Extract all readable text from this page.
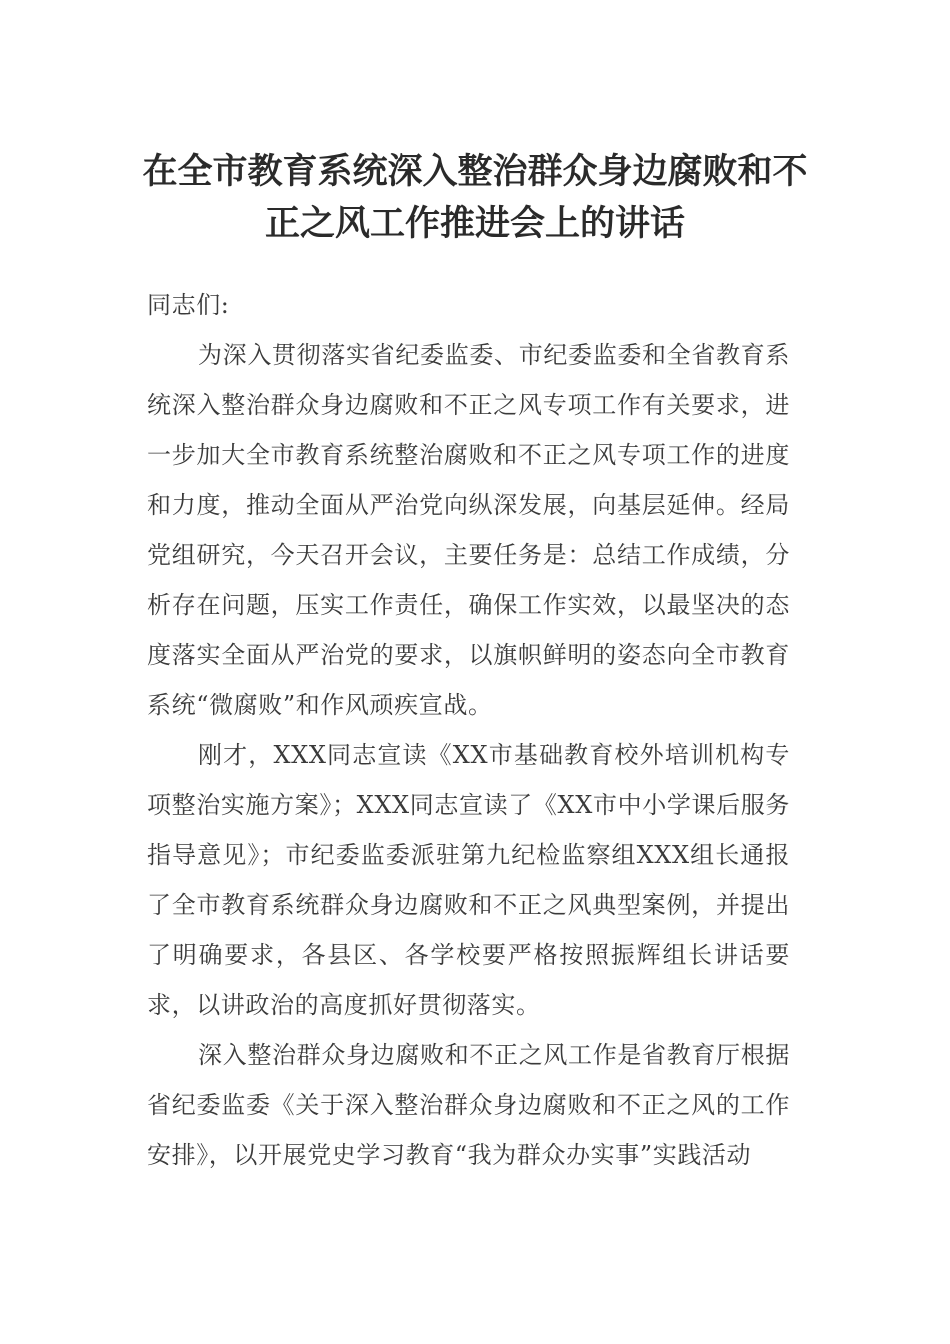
在全市教育系统深入整治群众身边腐败和不正之风工作推进会上的讲话

同志们:

为深入贯彻落实省纪委监委、市纪委监委和全省教育系统深入整治群众身边腐败和不正之风专项工作有关要求，进一步加大全市教育系统整治腐败和不正之风专项工作的进度和力度，推动全面从严治党向纵深发展，向基层延伸。经局党组研究，今天召开会议，主要任务是：总结工作成绩，分析存在问题，压实工作责任，确保工作实效，以最坚决的态度落实全面从严治党的要求，以旗帜鲜明的姿态向全市教育系统“微腐败”和作风顽疾宣战。

刚才，XXX同志宣读《XX市基础教育校外培训机构专项整治实施方案》；XXX同志宣读了《XX市中小学课后服务指导意见》；市纪委监委派驻第九纪检监察组XXX组长通报了全市教育系统群众身边腐败和不正之风典型案例，并提出了明确要求，各县区、各学校要严格按照振辉组长讲话要求，以讲政治的高度抓好贯彻落实。

深入整治群众身边腐败和不正之风工作是省教育厅根据省纪委监委《关于深入整治群众身边腐败和不正之风的工作安排》，以开展党史学习教育“我为群众办实事”实践活动
